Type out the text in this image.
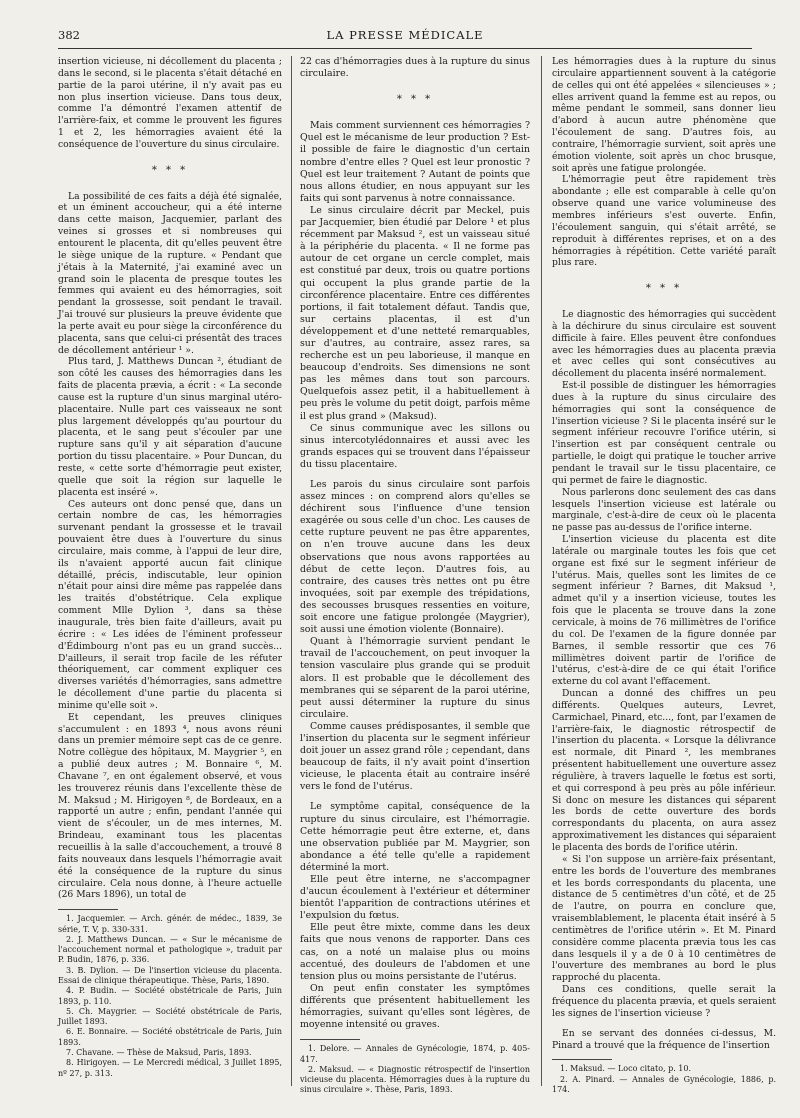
382	LA PRESSE MÉDICALE

insertion vicieuse, ni décollement du placenta ; dans le second, si le placenta s'était détaché en partie de la paroi utérine, il n'y avait pas eu non plus insertion vicieuse. Dans tous deux, comme l'a démontré l'examen attentif de l'arrière-faix, et comme le prouvent les figures 1 et 2, les hémorragies avaient été la conséquence de l'ouverture du sinus circulaire.

* * *

La possibilité de ces faits a déjà été signalée, et un éminent accoucheur, qui a été interne dans cette maison, Jacquemier, parlant des veines si grosses et si nombreuses qui entourent le placenta, dit qu'elles peuvent être le siège unique de la rupture. « Pendant que j'étais à la Maternité, j'ai examiné avec un grand soin le placenta de presque toutes les femmes qui avaient eu des hémorragies, soit pendant la grossesse, soit pendant le travail. J'ai trouvé sur plusieurs la preuve évidente que la perte avait eu pour siège la circonférence du placenta, sans que celui-ci présentât des traces de décollement antérieur ¹ ».

Plus tard, J. Matthews Duncan ², étudiant de son côté les causes des hémorragies dans les faits de placenta prævia, a écrit : « La seconde cause est la rupture d'un sinus marginal utéro-placentaire. Nulle part ces vaisseaux ne sont plus largement développés qu'au pourtour du placenta, et le sang peut s'écouler par une rupture sans qu'il y ait séparation d'aucune portion du tissu placentaire. » Pour Duncan, du reste, « cette sorte d'hémorragie peut exister, quelle que soit la région sur laquelle le placenta est inséré ».

Ces auteurs ont donc pensé que, dans un certain nombre de cas, les hémorragies survenant pendant la grossesse et le travail pouvaient être dues à l'ouverture du sinus circulaire, mais comme, à l'appui de leur dire, ils n'avaient apporté aucun fait clinique détaillé, précis, indiscutable, leur opinion n'était pour ainsi dire même pas rappelée dans les traités d'obstétrique. Cela explique comment Mlle Dylion ³, dans sa thèse inaugurale, très bien faite d'ailleurs, avait pu écrire : « Les idées de l'éminent professeur d'Édimbourg n'ont pas eu un grand succès... D'ailleurs, il serait trop facile de les réfuter théoriquement, car comment expliquer ces diverses variétés d'hémorragies, sans admettre le décollement d'une partie du placenta si minime qu'elle soit ».

Et cependant, les preuves cliniques s'accumulent : en 1893 ⁴, nous avons réuni dans un premier mémoire sept cas de ce genre. Notre collègue des hôpitaux, M. Maygrier ⁵, en a publié deux autres ; M. Bonnaire ⁶, M. Chavane ⁷, en ont également observé, et vous les trouverez réunis dans l'excellente thèse de M. Maksud ; M. Hirigoyen ⁸, de Bordeaux, en a rapporté un autre ; enfin, pendant l'année qui vient de s'écouler, un de mes internes, M. Brindeau, examinant tous les placentas recueillis à la salle d'accouchement, a trouvé 8 faits nouveaux dans lesquels l'hémorragie avait été la conséquence de la rupture du sinus circulaire. Cela nous donne, à l'heure actuelle (26 Mars 1896), un total de

1. Jacquemier. — Arch. génér. de médec., 1839, 3e série, T. V, p. 330-331.
2. J. Matthews Duncan. — « Sur le mécanisme de l'accouchement normal et pathologique », traduit par P. Budin, 1876, p. 336.
3. B. Dylion. — De l'insertion vicieuse du placenta. Essai de clinique thérapeutique. Thèse, Paris, 1890.
4. P. Budin. — Société obstétricale de Paris, Juin 1893, p. 110.
5. Ch. Maygrier. — Société obstétricale de Paris, Juillet 1893.
6. E. Bonnaire. — Société obstétricale de Paris, Juin 1893.
7. Chavane. — Thèse de Maksud, Paris, 1893.
8. Hirigoyen. — Le Mercredi médical, 3 Juillet 1895, nº 27, p. 313.

22 cas d'hémorragies dues à la rupture du sinus circulaire.

* * *

Mais comment surviennent ces hémorragies ? Quel est le mécanisme de leur production ? Est-il possible de faire le diagnostic d'un certain nombre d'entre elles ? Quel est leur pronostic ? Quel est leur traitement ? Autant de points que nous allons étudier, en nous appuyant sur les faits qui sont parvenus à notre connaissance.

Le sinus circulaire décrit par Meckel, puis par Jacquemier, bien étudié par Delore ¹ et plus récemment par Maksud ², est un vaisseau situé à la périphérie du placenta. « Il ne forme pas autour de cet organe un cercle complet, mais est constitué par deux, trois ou quatre portions qui occupent la plus grande partie de la circonférence placentaire. Entre ces différentes portions, il fait totalement défaut. Tandis que, sur certains placentas, il est d'un développement et d'une netteté remarquables, sur d'autres, au contraire, assez rares, sa recherche est un peu laborieuse, il manque en beaucoup d'endroits. Ses dimensions ne sont pas les mêmes dans tout son parcours. Quelquefois assez petit, il a habituellement à peu près le volume du petit doigt, parfois même il est plus grand » (Maksud).

Ce sinus communique avec les sillons ou sinus intercotylédonnaires et aussi avec les grands espaces qui se trouvent dans l'épaisseur du tissu placentaire.

Les parois du sinus circulaire sont parfois assez minces : on comprend alors qu'elles se déchirent sous l'influence d'une tension exagérée ou sous celle d'un choc. Les causes de cette rupture peuvent ne pas être apparentes, on n'en trouve aucune dans les deux observations que nous avons rapportées au début de cette leçon. D'autres fois, au contraire, des causes très nettes ont pu être invoquées, soit par exemple des trépidations, des secousses brusques ressenties en voiture, soit encore une fatigue prolongée (Maygrier), soit aussi une émotion violente (Bonnaire).

Quant à l'hémorragie survient pendant le travail de l'accouchement, on peut invoquer la tension vasculaire plus grande qui se produit alors. Il est probable que le décollement des membranes qui se séparent de la paroi utérine, peut aussi déterminer la rupture du sinus circulaire.

Comme causes prédisposantes, il semble que l'insertion du placenta sur le segment inférieur doit jouer un assez grand rôle ; cependant, dans beaucoup de faits, il n'y avait point d'insertion vicieuse, le placenta était au contraire inséré vers le fond de l'utérus.

Le symptôme capital, conséquence de la rupture du sinus circulaire, est l'hémorragie. Cette hémorragie peut être externe, et, dans une observation publiée par M. Maygrier, son abondance a été telle qu'elle a rapidement déterminé la mort.

Elle peut être interne, ne s'accompagner d'aucun écoulement à l'extérieur et déterminer bientôt l'apparition de contractions utérines et l'expulsion du fœtus.

Elle peut être mixte, comme dans les deux faits que nous venons de rapporter. Dans ces cas, on a noté un malaise plus ou moins accentué, des douleurs de l'abdomen et une tension plus ou moins persistante de l'utérus.

On peut enfin constater les symptômes différents que présentent habituellement les hémorragies, suivant qu'elles sont légères, de moyenne intensité ou graves.

1. Delore. — Annales de Gynécologie, 1874, p. 405-417.
2. Maksud. — « Diagnostic rétrospectif de l'insertion vicieuse du placenta. Hémorragies dues à la rupture du sinus circulaire ». Thèse, Paris, 1893.

Les hémorragies dues à la rupture du sinus circulaire appartiennent souvent à la catégorie de celles qui ont été appelées « silencieuses » ; elles arrivent quand la femme est au repos, ou même pendant le sommeil, sans donner lieu d'abord à aucun autre phénomène que l'écoulement de sang. D'autres fois, au contraire, l'hémorragie survient, soit après une émotion violente, soit après un choc brusque, soit après une fatigue prolongée.

L'hémorragie peut être rapidement très abondante ; elle est comparable à celle qu'on observe quand une varice volumineuse des membres inférieurs s'est ouverte. Enfin, l'écoulement sanguin, qui s'était arrêté, se reproduit à différentes reprises, et on a des hémorragies à répétition. Cette variété paraît plus rare.

* * *

Le diagnostic des hémorragies qui succèdent à la déchirure du sinus circulaire est souvent difficile à faire. Elles peuvent être confondues avec les hémorragies dues au placenta prævia et avec celles qui sont consécutives au décollement du placenta inséré normalement.

Est-il possible de distinguer les hémorragies dues à la rupture du sinus circulaire des hémorragies qui sont la conséquence de l'insertion vicieuse ? Si le placenta inséré sur le segment inférieur recouvre l'orifice utérin, si l'insertion est par conséquent centrale ou partielle, le doigt qui pratique le toucher arrive pendant le travail sur le tissu placentaire, ce qui permet de faire le diagnostic.

Nous parlerons donc seulement des cas dans lesquels l'insertion vicieuse est latérale ou marginale, c'est-à-dire de ceux où le placenta ne passe pas au-dessus de l'orifice interne.

L'insertion vicieuse du placenta est dite latérale ou marginale toutes les fois que cet organe est fixé sur le segment inférieur de l'utérus. Mais, quelles sont les limites de ce segment inférieur ? Barnes, dit Maksud ¹, admet qu'il y a insertion vicieuse, toutes les fois que le placenta se trouve dans la zone cervicale, à moins de 76 millimètres de l'orifice du col. De l'examen de la figure donnée par Barnes, il semble ressortir que ces 76 millimètres doivent partir de l'orifice de l'utérus, c'est-à-dire de ce qui était l'orifice externe du col avant l'effacement.

Duncan a donné des chiffres un peu différents. Quelques auteurs, Levret, Carmichael, Pinard, etc..., font, par l'examen de l'arrière-faix, le diagnostic rétrospectif de l'insertion du placenta. « Lorsque la délivrance est normale, dit Pinard ², les membranes présentent habituellement une ouverture assez régulière, à travers laquelle le fœtus est sorti, et qui correspond à peu près au pôle inférieur. Si donc on mesure les distances qui séparent les bords de cette ouverture des bords correspondants du placenta, on aura assez approximativement les distances qui séparaient le placenta des bords de l'orifice utérin.

« Si l'on suppose un arrière-faix présentant, entre les bords de l'ouverture des membranes et les bords correspondants du placenta, une distance de 5 centimètres d'un côté, et de 25 de l'autre, on pourra en conclure que, vraisemblablement, le placenta était inséré à 5 centimètres de l'orifice utérin ». Et M. Pinard considère comme placenta prævia tous les cas dans lesquels il y a de 0 à 10 centimètres de l'ouverture des membranes au bord le plus rapproché du placenta.

Dans ces conditions, quelle serait la fréquence du placenta prævia, et quels seraient les signes de l'insertion vicieuse ?

En se servant des données ci-dessus, M. Pinard a trouvé que la fréquence de l'insertion

1. Maksud. — Loco citato, p. 10.
2. A. Pinard. — Annales de Gynécologie, 1886, p. 174.
